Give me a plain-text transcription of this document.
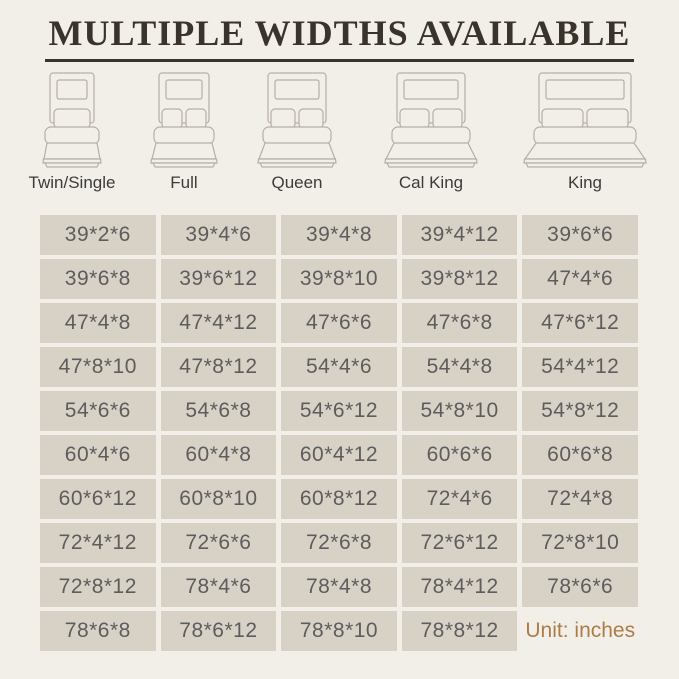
MULTIPLE WIDTHS AVAILABLE
Twin/Single	Full	Queen	Cal King	King
39*2*6	39*4*6	39*4*8	39*4*12	39*6*6
39*6*8	39*6*12	39*8*10	39*8*12	47*4*6
47*4*8	47*4*12	47*6*6	47*6*8	47*6*12
47*8*10	47*8*12	54*4*6	54*4*8	54*4*12
54*6*6	54*6*8	54*6*12	54*8*10	54*8*12
60*4*6	60*4*8	60*4*12	60*6*6	60*6*8
60*6*12	60*8*10	60*8*12	72*4*6	72*4*8
72*4*12	72*6*6	72*6*8	72*6*12	72*8*10
72*8*12	78*4*6	78*4*8	78*4*12	78*6*6
78*6*8	78*6*12	78*8*10	78*8*12	Unit: inches
